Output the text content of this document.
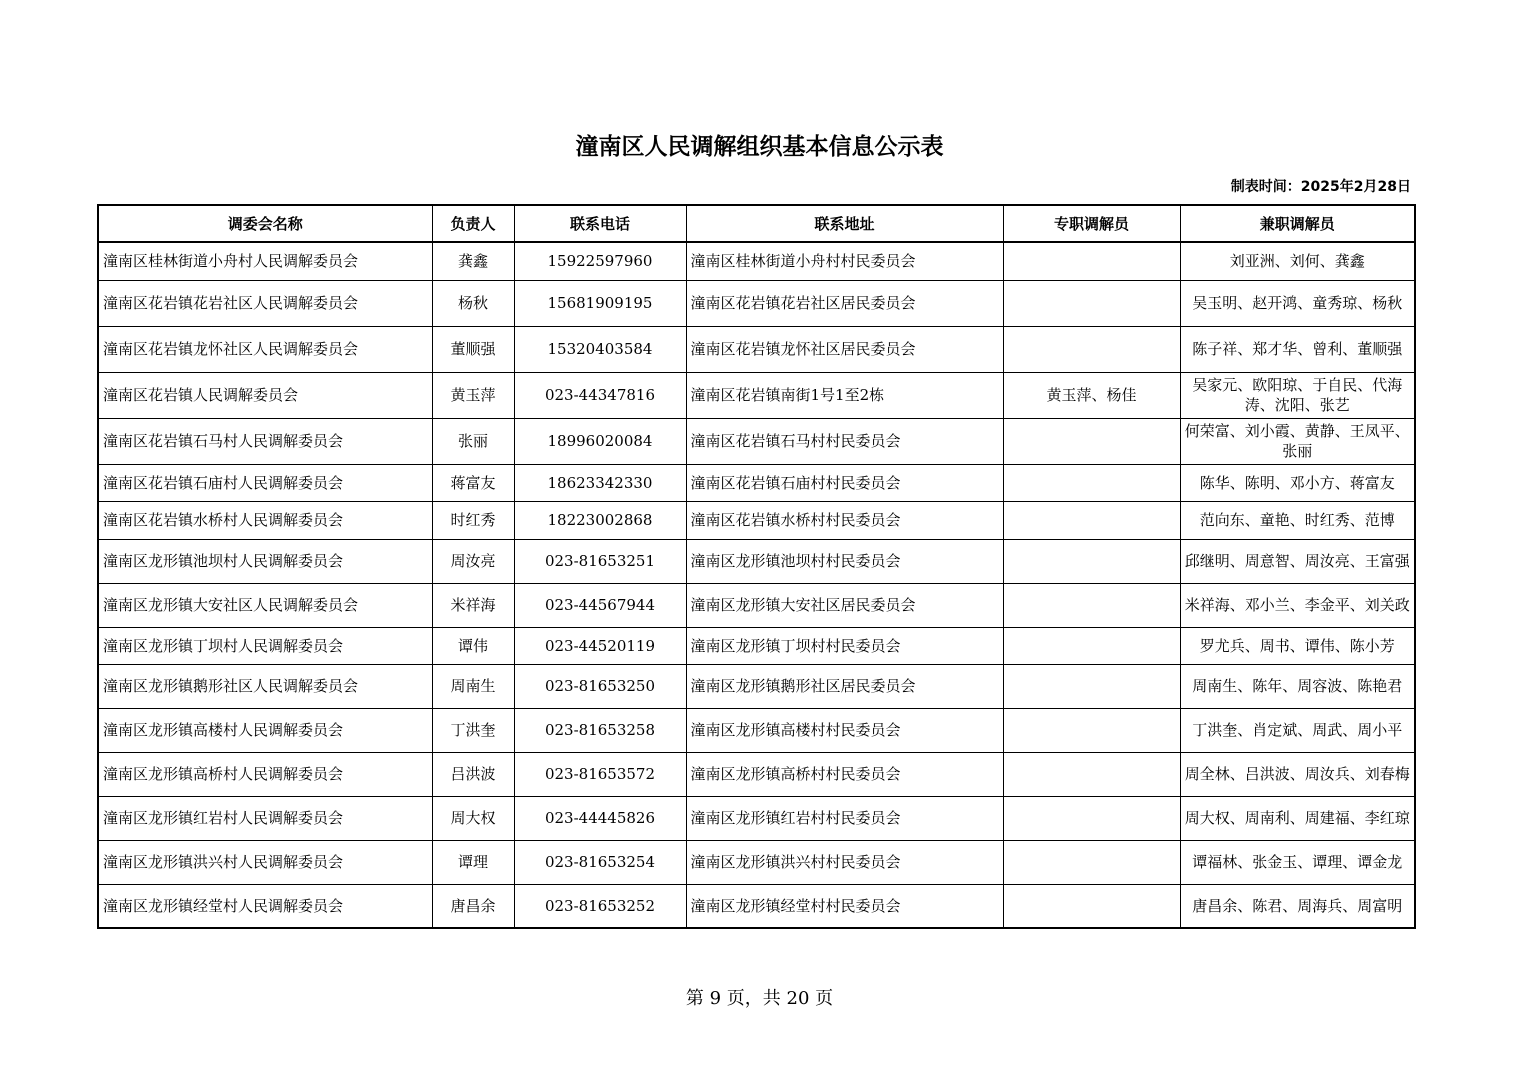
潼南区人民调解组织基本信息公示表
制表时间：2025年2月28日
调委会名称	负责人	联系电话	联系地址	专职调解员	兼职调解员
潼南区桂林街道小舟村人民调解委员会	龚鑫	15922597960	潼南区桂林街道小舟村村民委员会		刘亚洲、刘何、龚鑫
潼南区花岩镇花岩社区人民调解委员会	杨秋	15681909195	潼南区花岩镇花岩社区居民委员会		吴玉明、赵开鸿、童秀琼、杨秋
潼南区花岩镇龙怀社区人民调解委员会	董顺强	15320403584	潼南区花岩镇龙怀社区居民委员会		陈子祥、郑才华、曾利、董顺强
潼南区花岩镇人民调解委员会	黄玉萍	023-44347816	潼南区花岩镇南街1号1至2栋	黄玉萍、杨佳	吴家元、欧阳琼、于自民、代海涛、沈阳、张艺
潼南区花岩镇石马村人民调解委员会	张丽	18996020084	潼南区花岩镇石马村村民委员会		何荣富、刘小霞、黄静、王凤平、张丽
潼南区花岩镇石庙村人民调解委员会	蒋富友	18623342330	潼南区花岩镇石庙村村民委员会		陈华、陈明、邓小方、蒋富友
潼南区花岩镇水桥村人民调解委员会	时红秀	18223002868	潼南区花岩镇水桥村村民委员会		范向东、童艳、时红秀、范博
潼南区龙形镇池坝村人民调解委员会	周汝亮	023-81653251	潼南区龙形镇池坝村村民委员会		邱继明、周意智、周汝亮、王富强
潼南区龙形镇大安社区人民调解委员会	米祥海	023-44567944	潼南区龙形镇大安社区居民委员会		米祥海、邓小兰、李金平、刘关政
潼南区龙形镇丁坝村人民调解委员会	谭伟	023-44520119	潼南区龙形镇丁坝村村民委员会		罗尤兵、周书、谭伟、陈小芳
潼南区龙形镇鹅形社区人民调解委员会	周南生	023-81653250	潼南区龙形镇鹅形社区居民委员会		周南生、陈年、周容波、陈艳君
潼南区龙形镇高楼村人民调解委员会	丁洪奎	023-81653258	潼南区龙形镇高楼村村民委员会		丁洪奎、肖定斌、周武、周小平
潼南区龙形镇高桥村人民调解委员会	吕洪波	023-81653572	潼南区龙形镇高桥村村民委员会		周全林、吕洪波、周汝兵、刘春梅
潼南区龙形镇红岩村人民调解委员会	周大权	023-44445826	潼南区龙形镇红岩村村民委员会		周大权、周南利、周建福、李红琼
潼南区龙形镇洪兴村人民调解委员会	谭理	023-81653254	潼南区龙形镇洪兴村村民委员会		谭福林、张金玉、谭理、谭金龙
潼南区龙形镇经堂村人民调解委员会	唐昌余	023-81653252	潼南区龙形镇经堂村村民委员会		唐昌余、陈君、周海兵、周富明
第 9 页，共 20 页
